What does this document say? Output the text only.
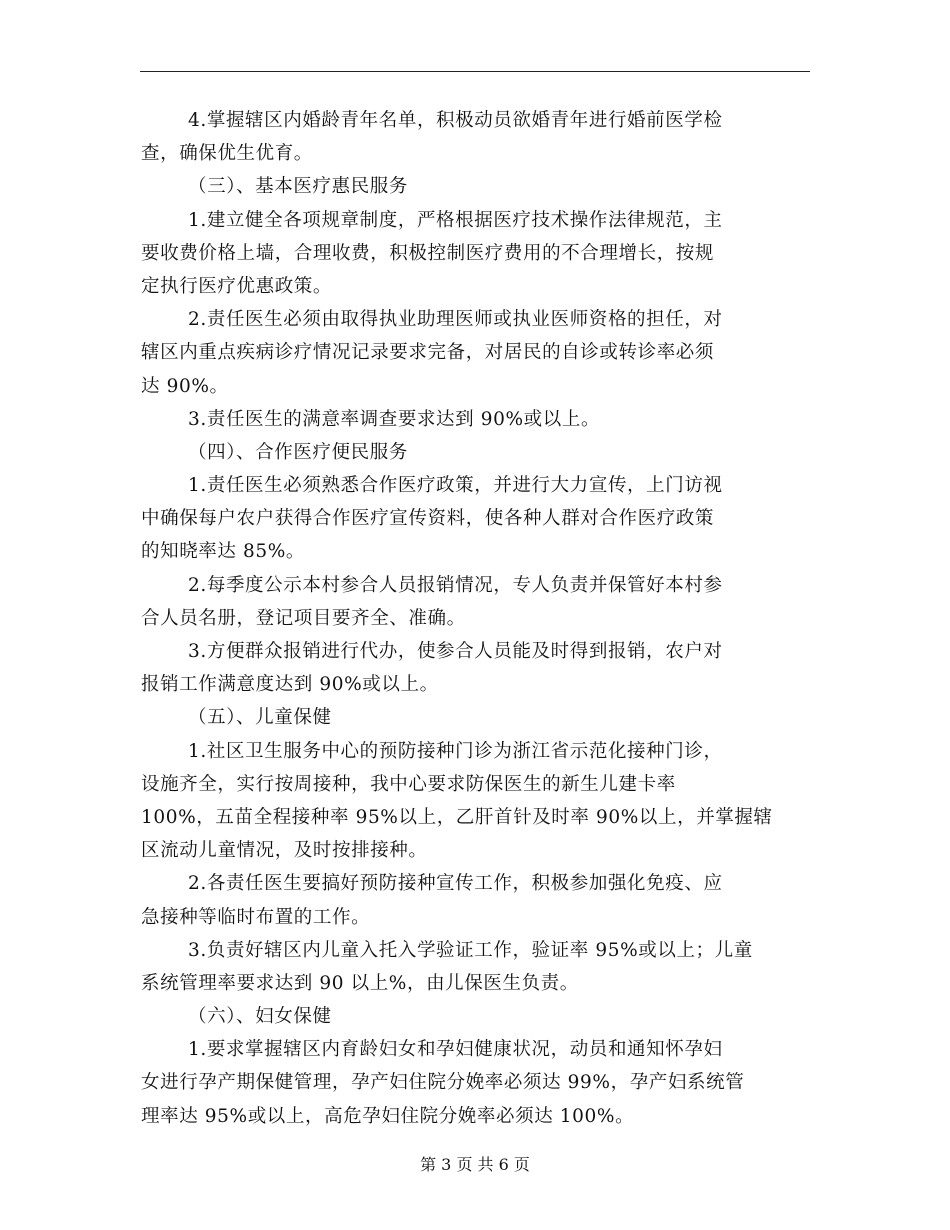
4.掌握辖区内婚龄青年名单，积极动员欲婚青年进行婚前医学检
查，确保优生优育。
（三）、基本医疗惠民服务
1.建立健全各项规章制度，严格根据医疗技术操作法律规范，主
要收费价格上墙，合理收费，积极控制医疗费用的不合理增长，按规
定执行医疗优惠政策。
2.责任医生必须由取得执业助理医师或执业医师资格的担任，对
辖区内重点疾病诊疗情况记录要求完备，对居民的自诊或转诊率必须
达 90%。
3.责任医生的满意率调查要求达到 90%或以上。
（四）、合作医疗便民服务
1.责任医生必须熟悉合作医疗政策，并进行大力宣传，上门访视
中确保每户农户获得合作医疗宣传资料，使各种人群对合作医疗政策
的知晓率达 85%。
2.每季度公示本村参合人员报销情况，专人负责并保管好本村参
合人员名册，登记项目要齐全、准确。
3.方便群众报销进行代办，使参合人员能及时得到报销，农户对
报销工作满意度达到 90%或以上。
（五）、儿童保健
1.社区卫生服务中心的预防接种门诊为浙江省示范化接种门诊，
设施齐全，实行按周接种，我中心要求防保医生的新生儿建卡率
100%，五苗全程接种率 95%以上，乙肝首针及时率 90%以上，并掌握辖
区流动儿童情况，及时按排接种。
2.各责任医生要搞好预防接种宣传工作，积极参加强化免疫、应
急接种等临时布置的工作。
3.负责好辖区内儿童入托入学验证工作，验证率 95%或以上；儿童
系统管理率要求达到 90 以上%，由儿保医生负责。
（六）、妇女保健
1.要求掌握辖区内育龄妇女和孕妇健康状况，动员和通知怀孕妇
女进行孕产期保健管理，孕产妇住院分娩率必须达 99%，孕产妇系统管
理率达 95%或以上，高危孕妇住院分娩率必须达 100%。
第 3 页 共 6 页
